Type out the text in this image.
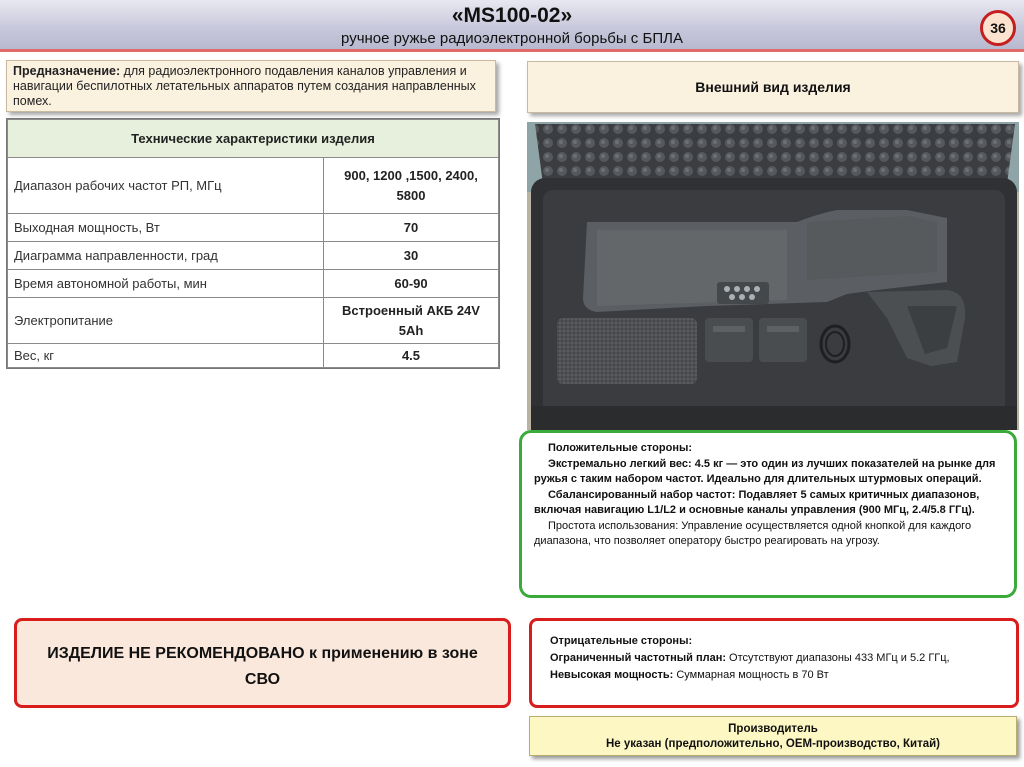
«MS100-02»
ручное ружье радиоэлектронной борьбы с БПЛА
36
Предназначение: для радиоэлектронного подавления каналов управления и навигации беспилотных летательных аппаратов путем создания направленных помех.
Внешний вид изделия
Технические характеристики изделия	
Диапазон рабочих частот РП, МГц	900, 1200 ,1500, 2400, 5800
Выходная мощность, Вт	70
Диаграмма направленности, град	30
Время автономной работы, мин	60-90
Электропитание	Встроенный АКБ 24V
5Ah

Вес, кг	4.5

Положительные стороны:

Экстремально легкий вес: 4.5 кг — это один из лучших показателей на рынке для ружья с таким набором частот. Идеально для длительных штурмовых операций.

Сбалансированный набор частот: Подавляет 5 самых критичных диапазонов, включая навигацию L1/L2 и основные каналы управления (900 МГц, 2.4/5.8 ГГц).

Простота использования: Управление осуществляется одной кнопкой для каждого диапазона, что позволяет оператору быстро реагировать на угрозу.

ИЗДЕЛИЕ НЕ РЕКОМЕНДОВАНО к применению в зоне СВО
Отрицательные стороны:
Ограниченный частотный план: Отсутствуют диапазоны 433 МГц и 5.2 ГГц,
Невысокая мощность: Суммарная мощность в 70 Вт
Производитель
Не указан (предположительно, OEM-производство, Китай)
